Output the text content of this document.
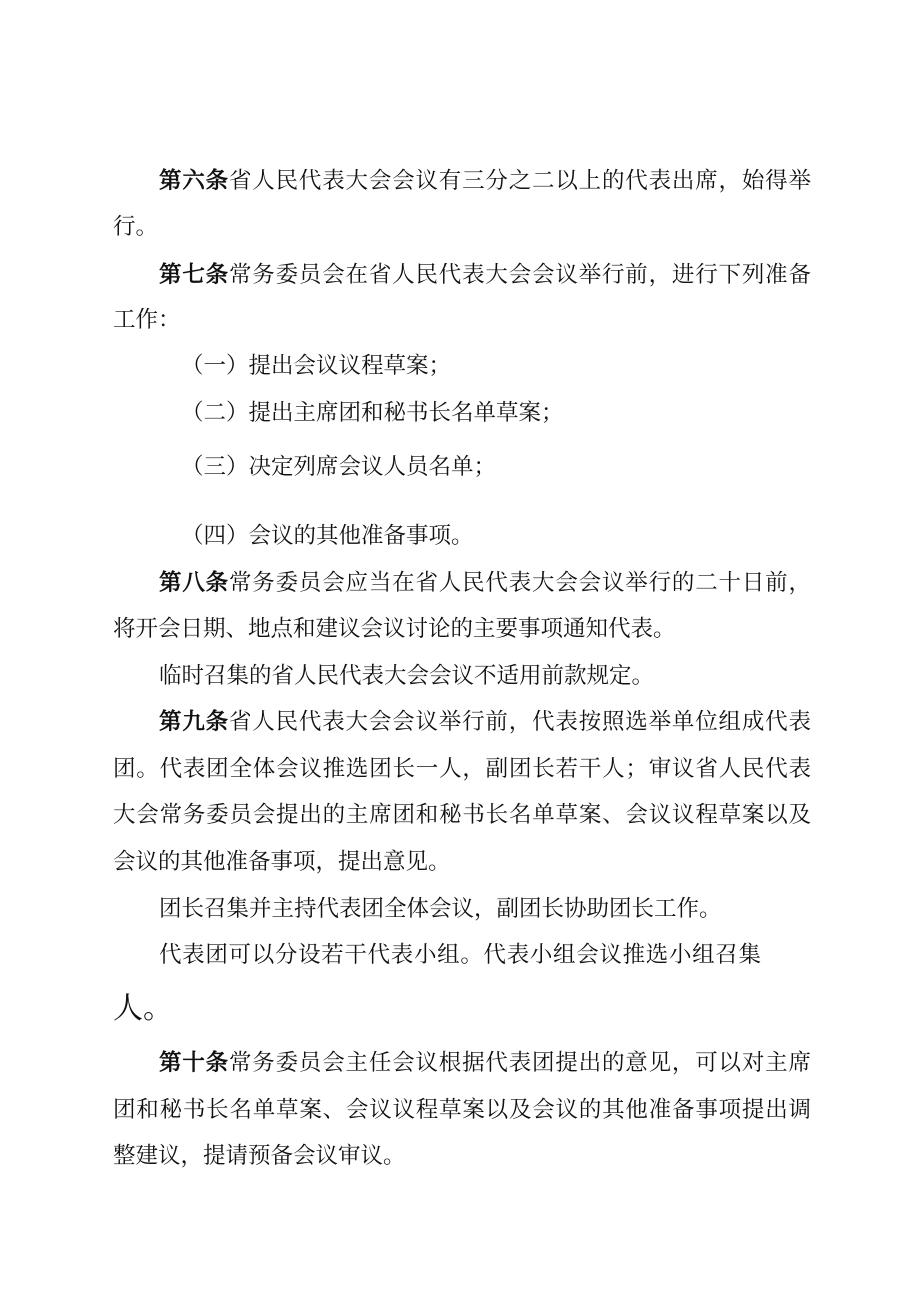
第六条省人民代表大会会议有三分之二以上的代表出席，始得举
行。
第七条常务委员会在省人民代表大会会议举行前，进行下列准备
工作：
（一）提出会议议程草案；
（二）提出主席团和秘书长名单草案；
（三）决定列席会议人员名单；
（四）会议的其他准备事项。
第八条常务委员会应当在省人民代表大会会议举行的二十日前，
将开会日期、地点和建议会议讨论的主要事项通知代表。
临时召集的省人民代表大会会议不适用前款规定。
第九条省人民代表大会会议举行前，代表按照选举单位组成代表
团。代表团全体会议推选团长一人，副团长若干人；审议省人民代表
大会常务委员会提出的主席团和秘书长名单草案、会议议程草案以及
会议的其他准备事项，提出意见。
团长召集并主持代表团全体会议，副团长协助团长工作。
代表团可以分设若干代表小组。代表小组会议推选小组召集
人。
第十条常务委员会主任会议根据代表团提出的意见，可以对主席
团和秘书长名单草案、会议议程草案以及会议的其他准备事项提出调
整建议，提请预备会议审议。
